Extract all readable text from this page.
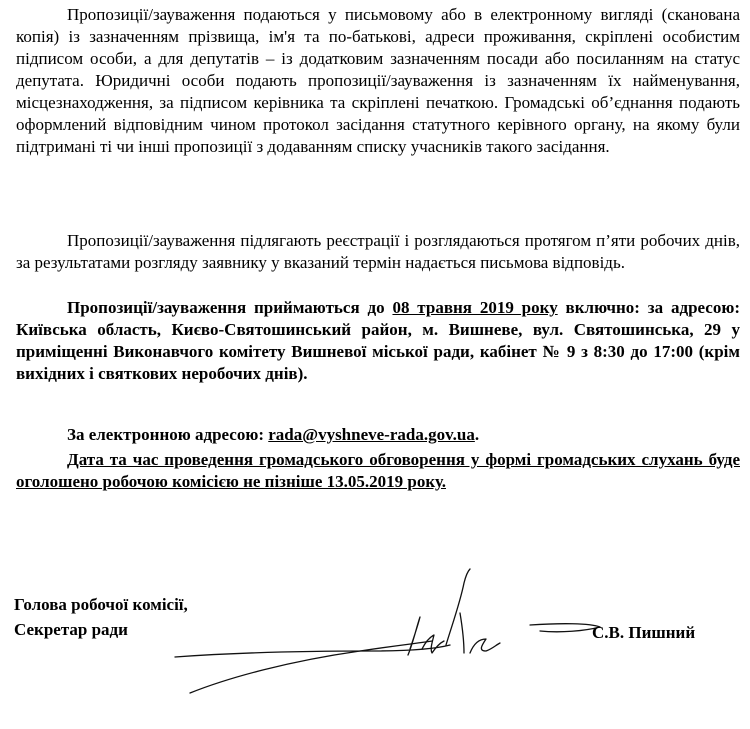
Пропозиції/зауваження подаються у письмовому або в електронному вигляді (сканована копія) із зазначенням прізвища, ім'я та по-батькові, адреси проживання, скріплені особистим підписом особи, а для депутатів – із додатковим зазначенням посади або посиланням на статус депутата. Юридичні особи подають пропозиції/зауваження із зазначенням їх найменування, місцезнаходження, за підписом керівника та скріплені печаткою. Громадські об’єднання подають оформлений відповідним чином протокол засідання статутного керівного органу, на якому були підтримані ті чи інші пропозиції з додаванням списку учасників такого засідання.

Пропозиції/зауваження підлягають реєстрації і розглядаються протягом п’яти робочих днів, за результатами розгляду заявнику у вказаний термін надається письмова відповідь.

Пропозиції/зауваження приймаються до 08 травня 2019 року включно: за адресою: Київська область, Києво-Святошинський район, м. Вишневе, вул. Святошинська, 29 у приміщенні Виконавчого комітету Вишневої міської ради, кабінет № 9 з 8:30 до 17:00 (крім вихідних і святкових неробочих днів).

За електронною адресою: rada@vyshneve-rada.gov.ua.

Дата та час проведення громадського обговорення у формі громадських слухань буде оголошено робочою комісією не пізніше 13.05.2019 року.

Голова робочої комісії,
Секретар ради	С.В. Пишний
